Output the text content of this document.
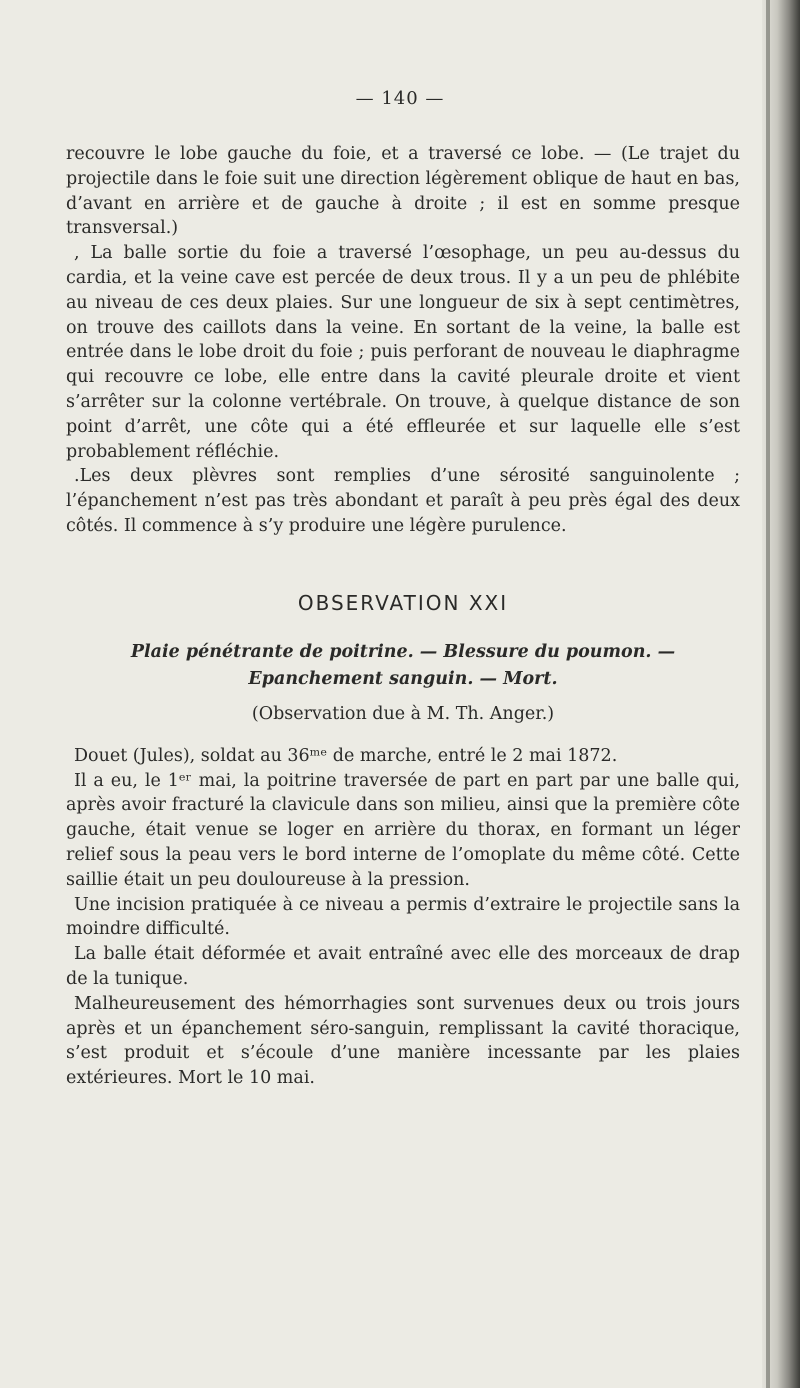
— 140 —

recouvre le lobe gauche du foie, et a traversé ce lobe. — (Le trajet du projectile dans le foie suit une direction légèrement oblique de haut en bas, d’avant en arrière et de gauche à droite ; il est en somme presque transversal.)

, La balle sortie du foie a traversé l’œsophage, un peu au-dessus du cardia, et la veine cave est percée de deux trous. Il y a un peu de phlébite au niveau de ces deux plaies. Sur une longueur de six à sept centimètres, on trouve des caillots dans la veine. En sortant de la veine, la balle est entrée dans le lobe droit du foie ; puis perforant de nouveau le diaphragme qui recouvre ce lobe, elle entre dans la cavité pleurale droite et vient s’arrêter sur la colonne vertébrale. On trouve, à quelque distance de son point d’arrêt, une côte qui a été effleurée et sur laquelle elle s’est probablement réfléchie.

.Les deux plèvres sont remplies d’une sérosité sanguinolente ; l’épanchement n’est pas très abondant et paraît à peu près égal des deux côtés. Il commence à s’y produire une légère purulence.

OBSERVATION XXI

Plaie pénétrante de poitrine. — Blessure du poumon. — Epanchement sanguin. — Mort.

(Observation due à M. Th. Anger.)

Douet (Jules), soldat au 36ᵐᵉ de marche, entré le 2 mai 1872.

Il a eu, le 1ᵉʳ mai, la poitrine traversée de part en part par une balle qui, après avoir fracturé la clavicule dans son milieu, ainsi que la première côte gauche, était venue se loger en arrière du thorax, en formant un léger relief sous la peau vers le bord interne de l’omoplate du même côté. Cette saillie était un peu douloureuse à la pression.

Une incision pratiquée à ce niveau a permis d’extraire le projectile sans la moindre difficulté.

La balle était déformée et avait entraîné avec elle des morceaux de drap de la tunique.

Malheureusement des hémorrhagies sont survenues deux ou trois jours après et un épanchement séro-sanguin, remplissant la cavité thoracique, s’est produit et s’écoule d’une manière incessante par les plaies extérieures. Mort le 10 mai.
